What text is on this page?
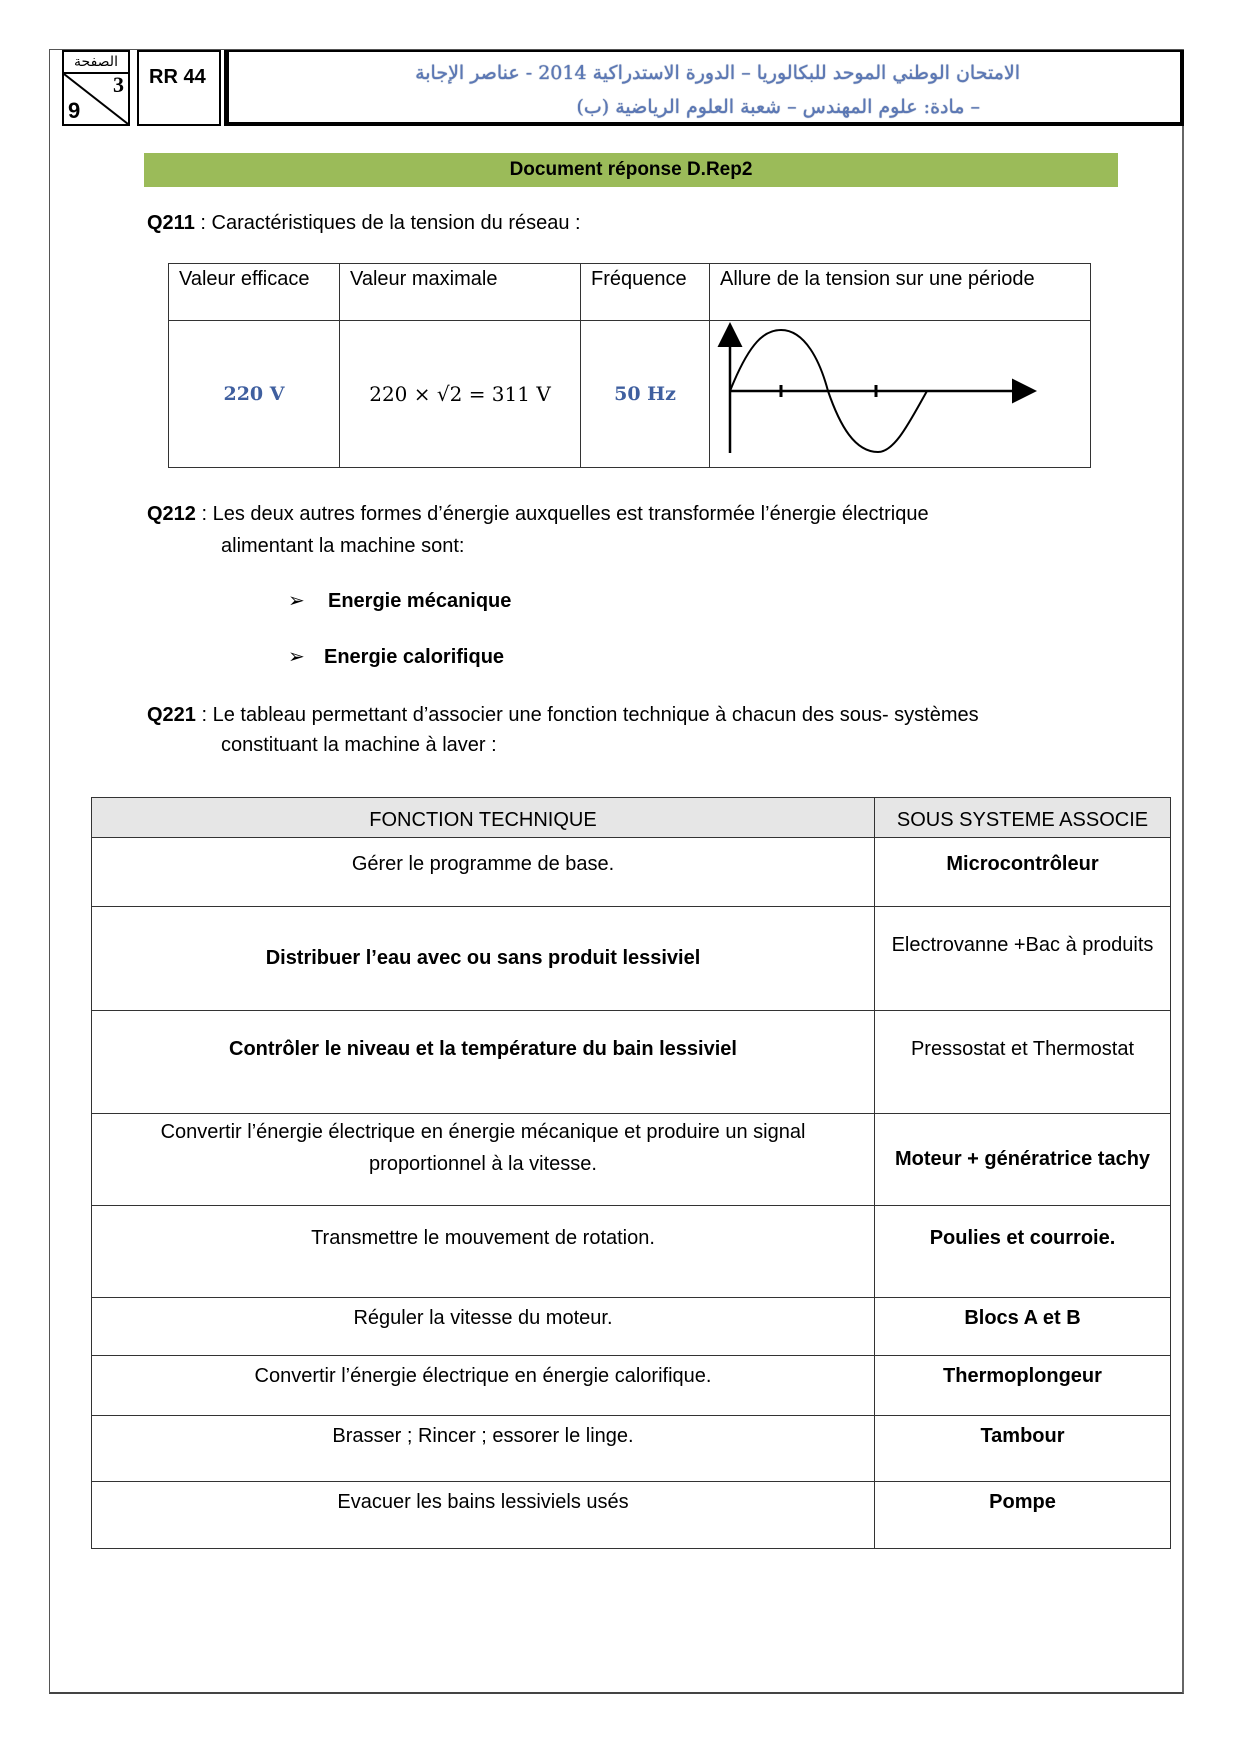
الصفحة
3
9
RR 44	الامتحان الوطني الموحد للبكالوريا – الدورة الاستدراكية 2014 - عناصر الإجابة
– مادة: علوم المهندس – شعبة العلوم الرياضية (ب)
Document réponse D.Rep2
Q211 : Caractéristiques de la tension du réseau :
Valeur efficace	Valeur maximale	Fréquence	Allure de la tension sur une période
220 V	220 × √2 = 311 V	50 Hz	
Q212 : Les deux autres formes d’énergie auxquelles est transformée l’énergie électrique
alimentant la machine sont:
➢ Energie mécanique
➢ Energie calorifique
Q221 : Le tableau permettant d’associer une fonction technique à chacun des sous- systèmes
constituant la machine à laver :
FONCTION TECHNIQUE	SOUS SYSTEME ASSOCIE
Gérer le programme de base.	Microcontrôleur
Distribuer l’eau avec ou sans produit lessiviel	Electrovanne +Bac à produits
Contrôler le niveau et la température du bain lessiviel	Pressostat et Thermostat
Convertir l’énergie électrique en énergie mécanique et produire un signal proportionnel à la vitesse.	Moteur + génératrice tachy
Transmettre le mouvement de rotation.	Poulies et courroie.
Réguler la vitesse du moteur.	Blocs A et B
Convertir l’énergie électrique en énergie calorifique.	Thermoplongeur
Brasser ; Rincer ; essorer le linge.	Tambour
Evacuer les bains lessiviels usés	Pompe
